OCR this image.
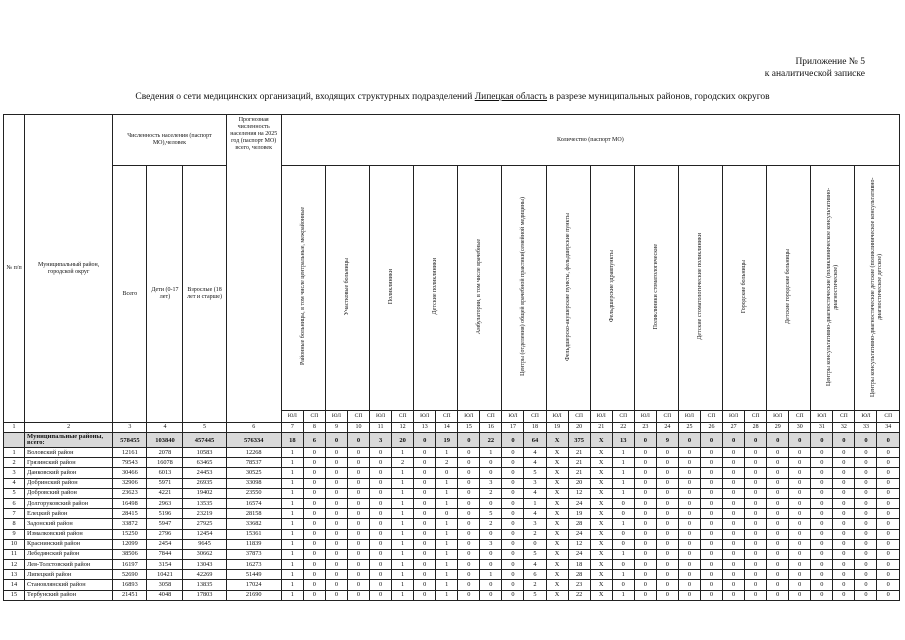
Приложение № 5
к аналитической записке
Сведения о сети медицинских организаций, входящих структурных подразделений Липецкая область в разрезе муниципальных районов, городских округов
№ п/п	Муниципальный район, городской округ	Численность населения (паспорт МО),человек			Прогнозная численность населения на 2025 год (паспорт МО) всего, человек	Количество (паспорт МО)																											
		Всего	Дети (0-17 лет)	Взрослые (18 лет и старше)		Районные больницы, в том числе центральные, межрайонные		Участковые больницы		Поликлиники		Детские поликлиники		Амбулатории, в том числе врачебные		Центры (отделения) общей врачебной практики(семейной медицины)		Фельдшерско-акушерские пункты, фельдшерские пункты		Фельдшерские здравпункты		Поликлиники стоматологические		Детские стоматологические поликлиники		Городские больницы		Детские городские больницы		Центры консультативно-диагностические (поликлиническое консультативно-диагностическое)		Центры консультативно-диагностические детские (поликлиническое консультативно-диагностическое детское)	
						ЮЛ	СП	ЮЛ	СП	ЮЛ	СП	ЮЛ	СП	ЮЛ	СП	ЮЛ	СП	ЮЛ	СП	ЮЛ	СП	ЮЛ	СП	ЮЛ	СП	ЮЛ	СП	ЮЛ	СП	ЮЛ	СП	ЮЛ	СП
1	2	3	4	5	6	7	8	9	10	11	12	13	14	15	16	17	18	19	20	21	22	23	24	25	26	27	28	29	30	31	32	33	34
	Муниципальные районы, всего:	578455	103840	457445	576334	18	6	0	0	3	20	0	19	0	22	0	64	X	375	X	13	0	9	0	0	0	0	0	0	0	0	0	0
1	Воловский район	12161	2078	10583	12268	1	0	0	0	0	1	0	1	0	1	0	4	X	21	X	1	0	0	0	0	0	0	0	0	0	0	0	0
2	Грязинский район	79543	16078	63465	78537	1	0	0	0	0	2	0	2	0	0	0	4	X	21	X	1	0	0	0	0	0	0	0	0	0	0	0	0
3	Данковский район	30466	6013	24453	30525	1	0	0	0	0	1	0	0	0	0	0	5	X	21	X	1	0	0	0	0	0	0	0	0	0	0	0	0
4	Добринский район	32906	5971	26935	33098	1	0	0	0	0	1	0	1	0	3	0	3	X	20	X	1	0	0	0	0	0	0	0	0	0	0	0	0
5	Добровский район	23623	4221	19402	23550	1	0	0	0	0	1	0	1	0	2	0	4	X	12	X	1	0	0	0	0	0	0	0	0	0	0	0	0
6	Долгоруковский район	16498	2963	13535	16574	1	0	0	0	0	1	0	1	0	0	0	1	X	24	X	0	0	0	0	0	0	0	0	0	0	0	0	0
7	Елецкий район	28415	5196	23219	28158	1	0	0	0	0	1	0	0	0	5	0	4	X	19	X	0	0	0	0	0	0	0	0	0	0	0	0	0
8	Задонский район	33872	5947	27925	33682	1	0	0	0	0	1	0	1	0	2	0	3	X	28	X	1	0	0	0	0	0	0	0	0	0	0	0	0
9	Измалковский район	15250	2796	12454	15361	1	0	0	0	0	1	0	1	0	0	0	2	X	24	X	0	0	0	0	0	0	0	0	0	0	0	0	0
10	Краснинский район	12099	2454	9645	11839	1	0	0	0	0	1	0	1	0	3	0	0	X	12	X	0	0	0	0	0	0	0	0	0	0	0	0	0
11	Лебедянский район	38506	7844	30662	37873	1	0	0	0	0	1	0	1	0	0	0	5	X	24	X	1	0	0	0	0	0	0	0	0	0	0	0	0
12	Лев-Толстовский район	16197	3154	13043	16273	1	0	0	0	0	1	0	1	0	0	0	4	X	18	X	0	0	0	0	0	0	0	0	0	0	0	0	0
13	Липецкий район	52690	10421	42269	51449	1	0	0	0	0	1	0	1	0	1	0	6	X	28	X	1	0	0	0	0	0	0	0	0	0	0	0	0
14	Становлянский район	16893	3058	13835	17024	1	0	0	0	0	1	0	1	0	0	0	2	X	23	X	0	0	0	0	0	0	0	0	0	0	0	0	0
15	Тербунский район	21451	4048	17803	21690	1	0	0	0	0	1	0	1	0	0	0	5	X	22	X	1	0	0	0	0	0	0	0	0	0	0	0	0
